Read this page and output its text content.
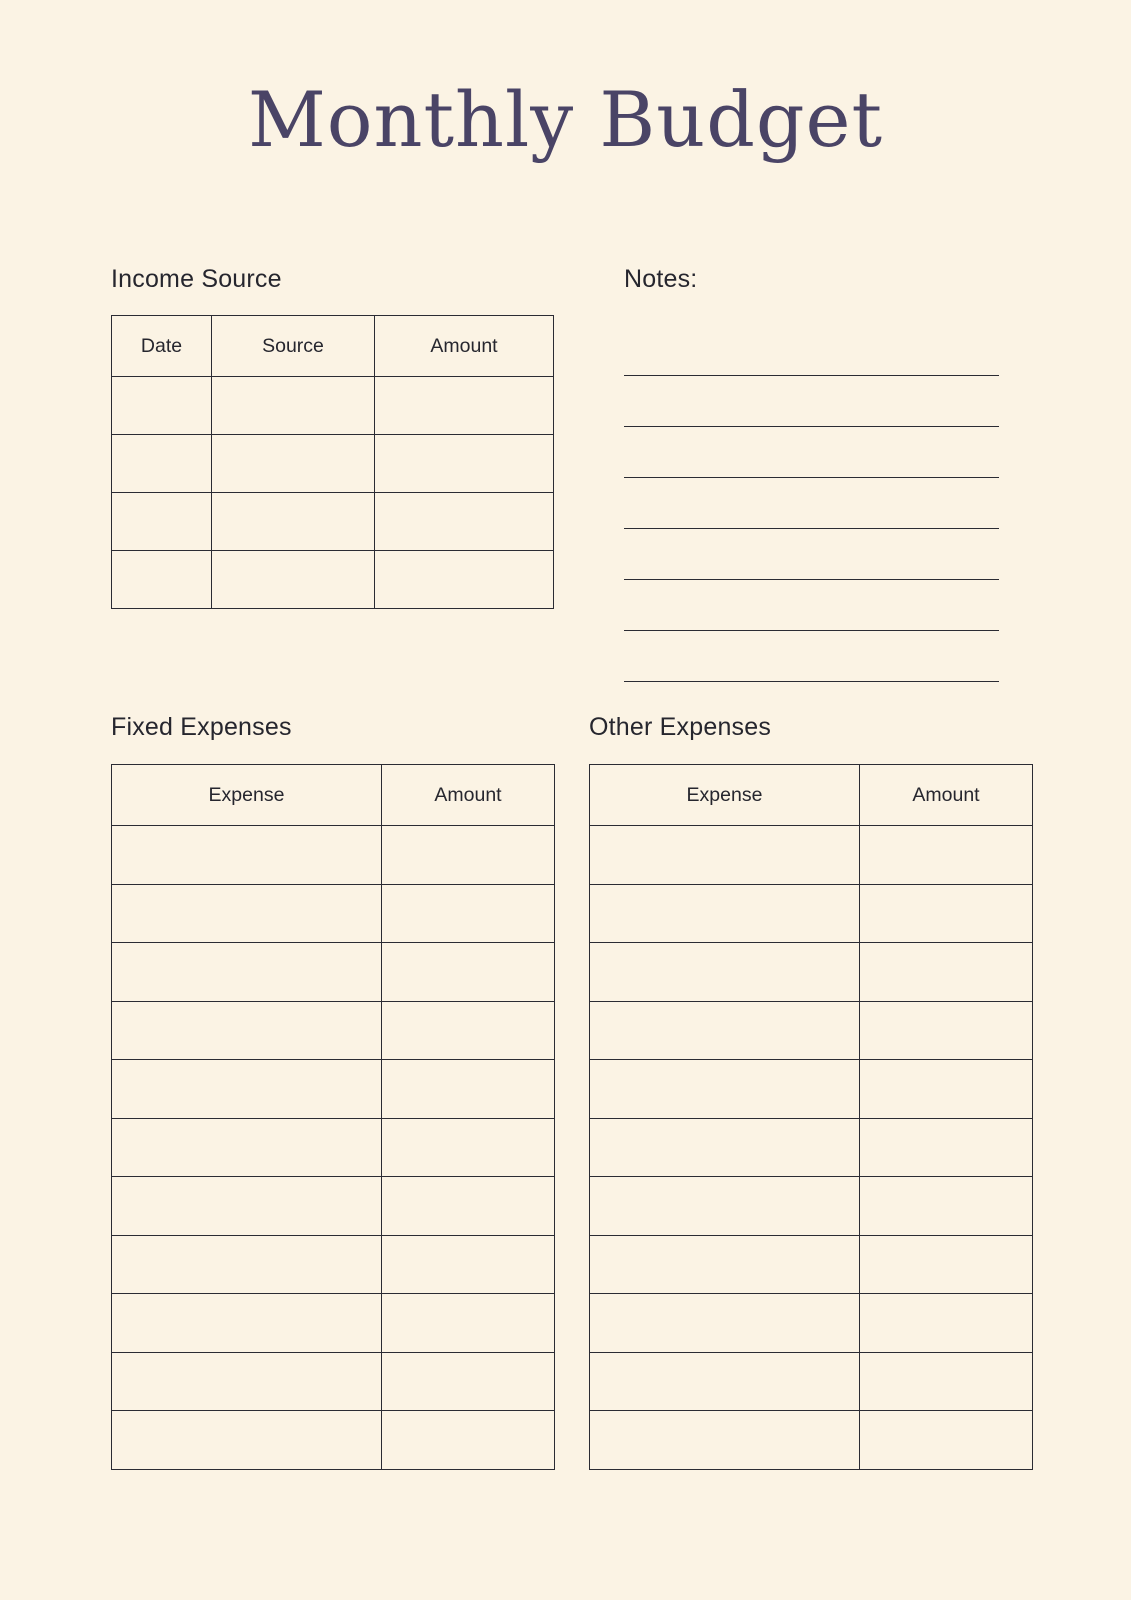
Monthly Budget
Income Source
Date	Source	Amount

Notes:
Fixed Expenses
Expense	Amount

Other Expenses
Expense	Amount
